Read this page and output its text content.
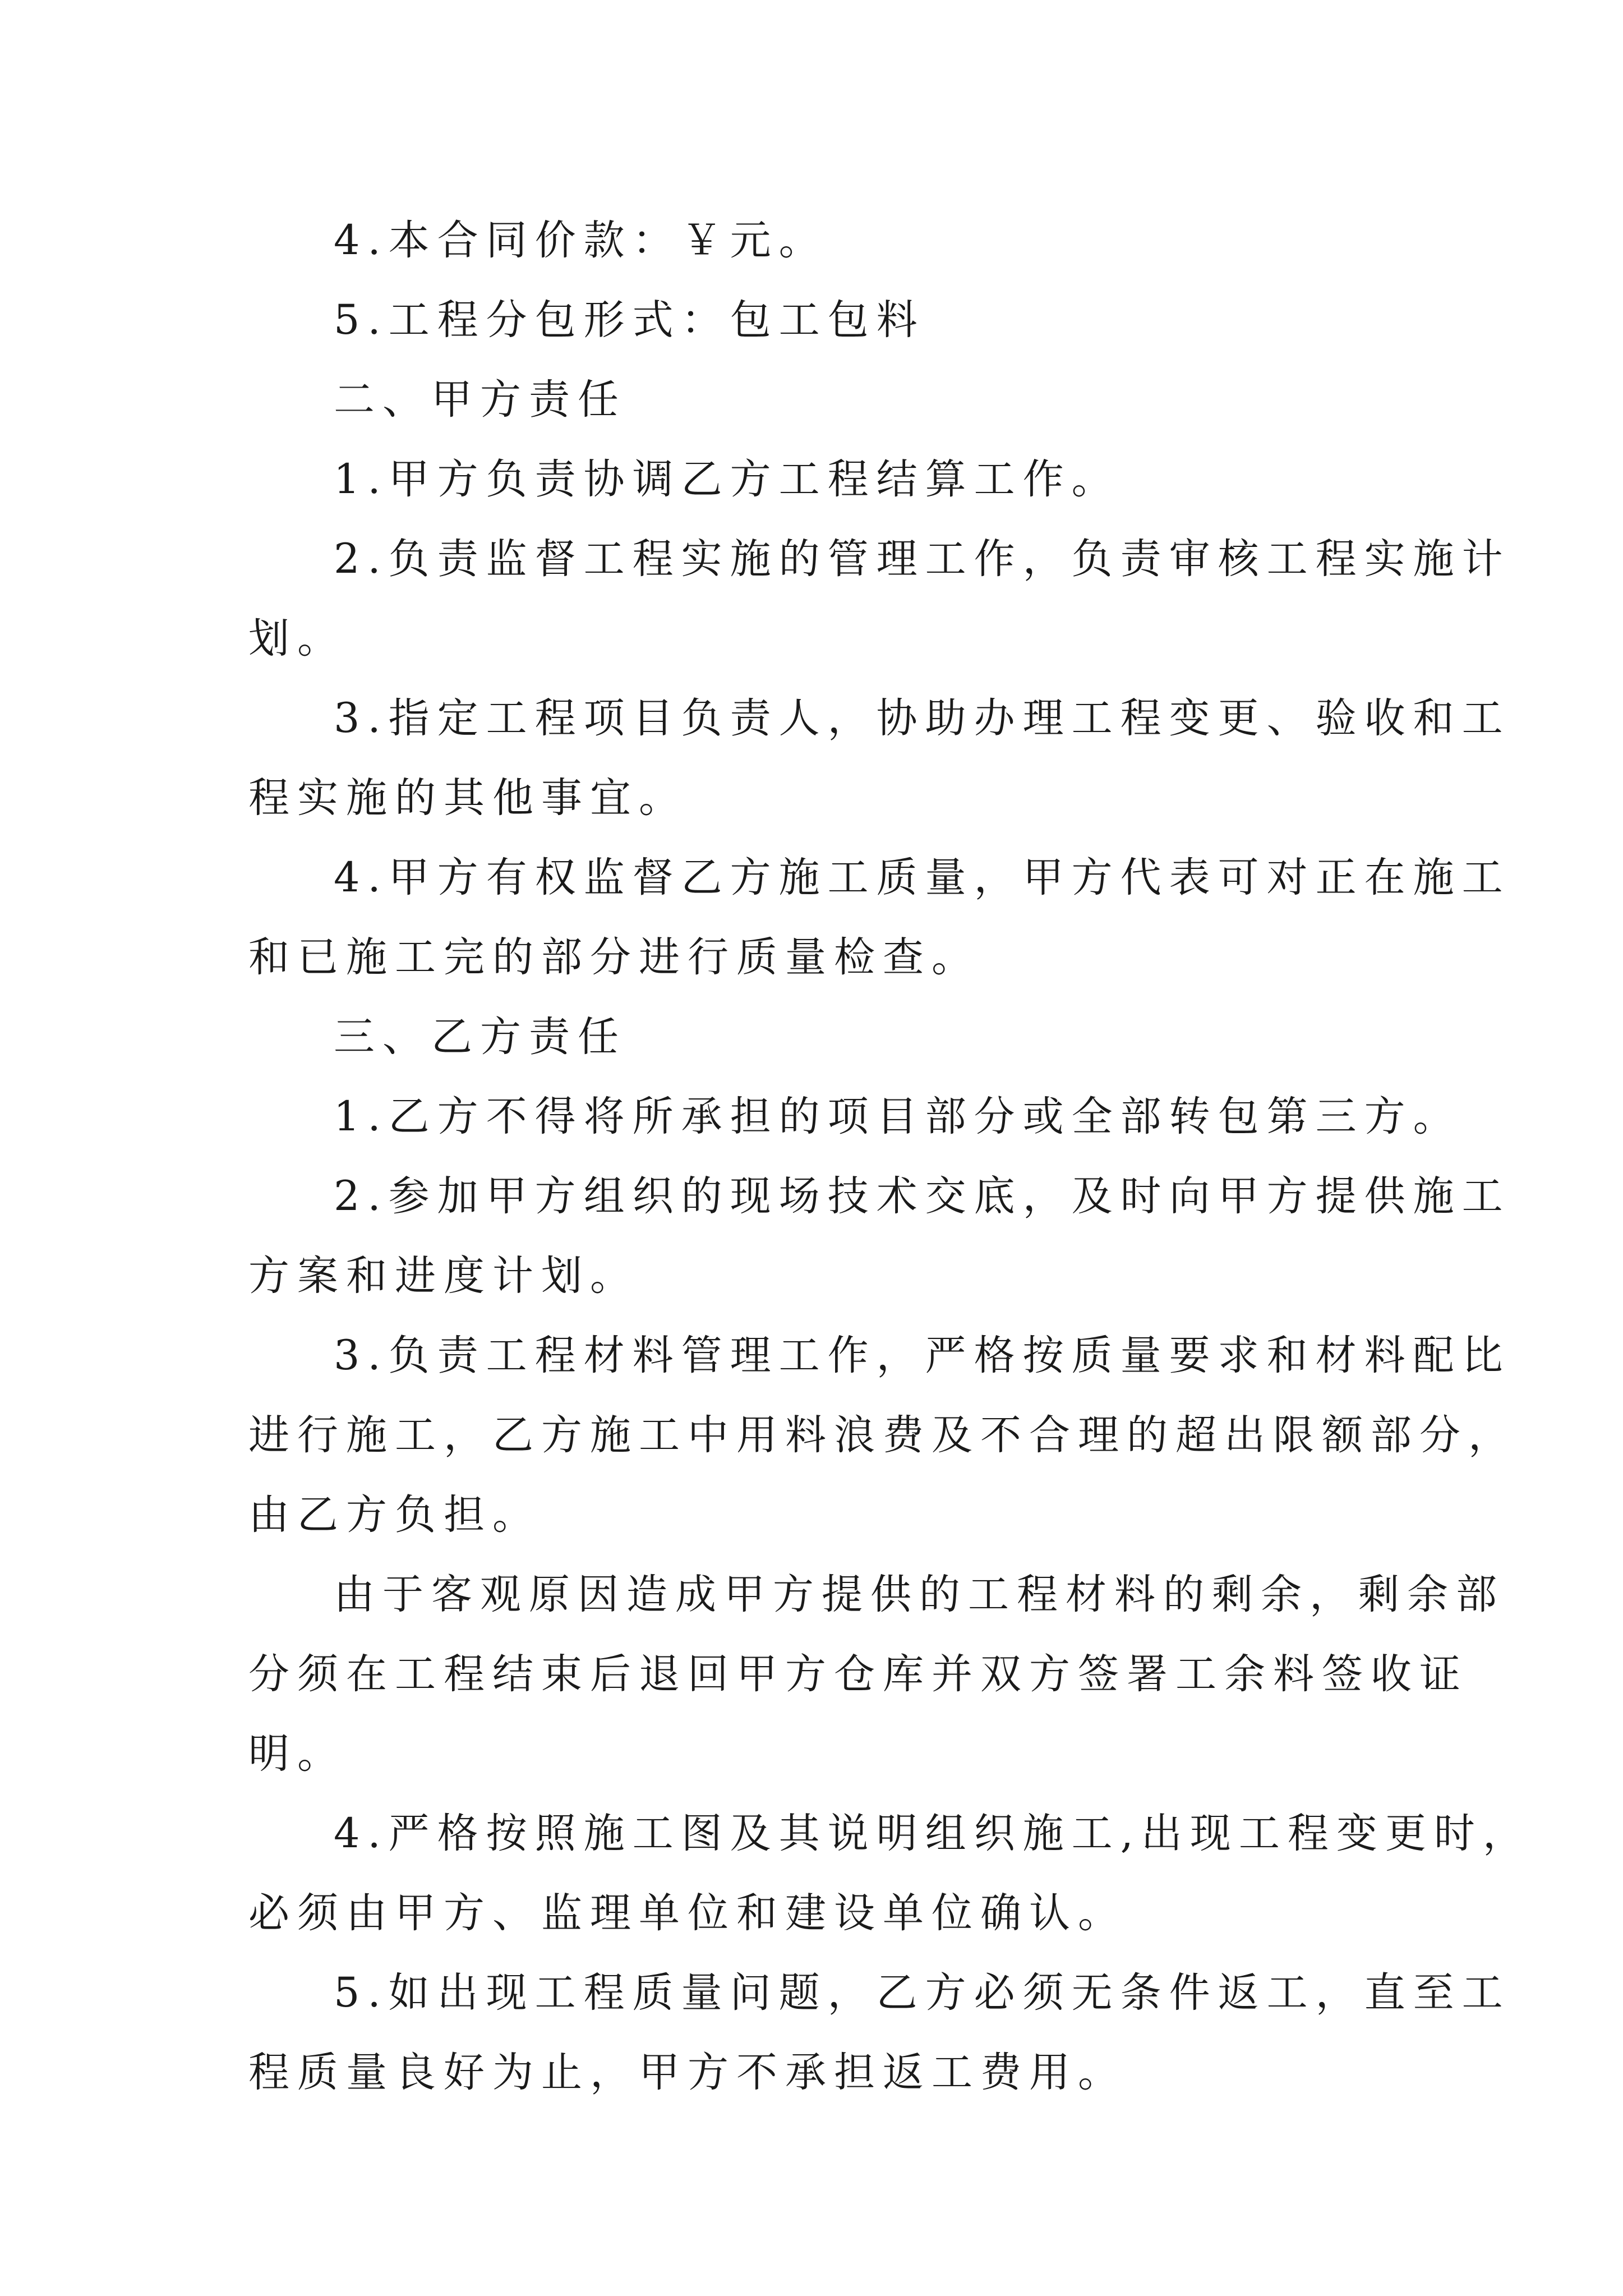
4.本合同价款：￥元。
5.工程分包形式：包工包料
二、甲方责任
1.甲方负责协调乙方工程结算工作。
2.负责监督工程实施的管理工作，负责审核工程实施计
划。
3.指定工程项目负责人，协助办理工程变更、验收和工
程实施的其他事宜。
4.甲方有权监督乙方施工质量，甲方代表可对正在施工
和已施工完的部分进行质量检查。
三、乙方责任
1.乙方不得将所承担的项目部分或全部转包第三方。
2.参加甲方组织的现场技术交底，及时向甲方提供施工
方案和进度计划。
3.负责工程材料管理工作，严格按质量要求和材料配比
进行施工，乙方施工中用料浪费及不合理的超出限额部分，
由乙方负担。
由于客观原因造成甲方提供的工程材料的剩余，剩余部
分须在工程结束后退回甲方仓库并双方签署工余料签收证
明。
4.严格按照施工图及其说明组织施工,出现工程变更时，
必须由甲方、监理单位和建设单位确认。
5.如出现工程质量问题，乙方必须无条件返工，直至工
程质量良好为止，甲方不承担返工费用。
